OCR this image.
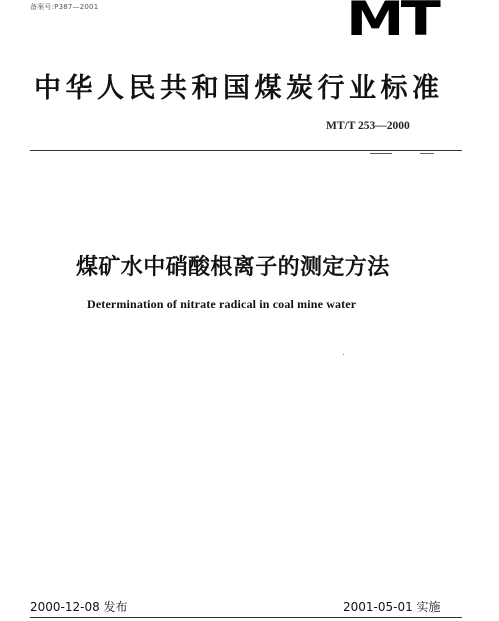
备案号:P387—2001	MT
中华人民共和国煤炭行业标准
MT/T 253—2000
煤矿水中硝酸根离子的测定方法
Determination of nitrate radical in coal mine water
2000-12-08 发布	2001-05-01 实施
